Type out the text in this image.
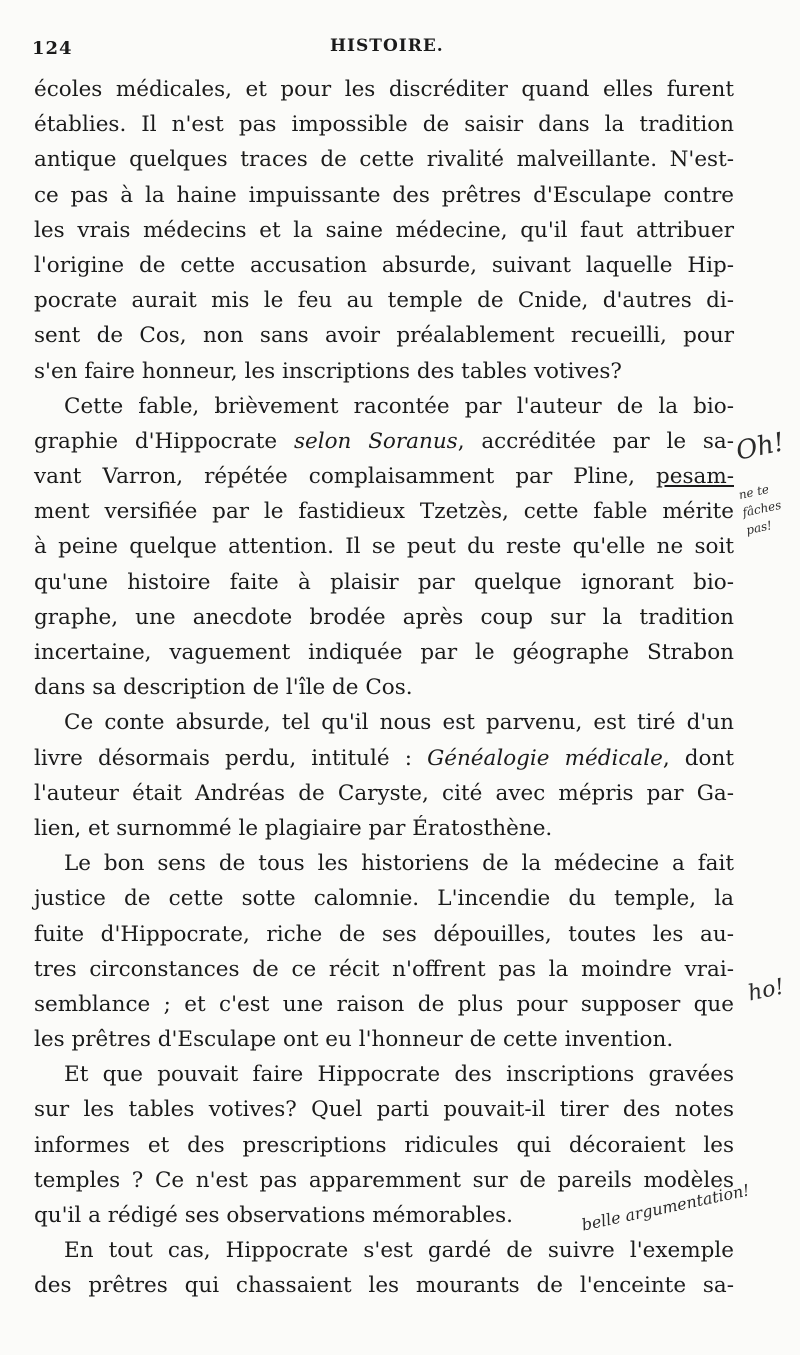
124	HISTOIRE.
écoles médicales, et pour les discréditer quand elles furent
établies. Il n'est pas impossible de saisir dans la tradition
antique quelques traces de cette rivalité malveillante. N'est-
ce pas à la haine impuissante des prêtres d'Esculape contre
les vrais médecins et la saine médecine, qu'il faut attribuer
l'origine de cette accusation absurde, suivant laquelle Hip-
pocrate aurait mis le feu au temple de Cnide, d'autres di-
sent de Cos, non sans avoir préalablement recueilli, pour
s'en faire honneur, les inscriptions des tables votives?
Cette fable, brièvement racontée par l'auteur de la bio-
graphie d'Hippocrate selon Soranus, accréditée par le sa-
vant Varron, répétée complaisamment par Pline, pesam-
ment versifiée par le fastidieux Tzetzès, cette fable mérite
à peine quelque attention. Il se peut du reste qu'elle ne soit
qu'une histoire faite à plaisir par quelque ignorant bio-
graphe, une anecdote brodée après coup sur la tradition
incertaine, vaguement indiquée par le géographe Strabon
dans sa description de l'île de Cos.
Ce conte absurde, tel qu'il nous est parvenu, est tiré d'un
livre désormais perdu, intitulé : Généalogie médicale, dont
l'auteur était Andréas de Caryste, cité avec mépris par Ga-
lien, et surnommé le plagiaire par Ératosthène.
Le bon sens de tous les historiens de la médecine a fait
justice de cette sotte calomnie. L'incendie du temple, la
fuite d'Hippocrate, riche de ses dépouilles, toutes les au-
tres circonstances de ce récit n'offrent pas la moindre vrai-
semblance ; et c'est une raison de plus pour supposer que
les prêtres d'Esculape ont eu l'honneur de cette invention.
Et que pouvait faire Hippocrate des inscriptions gravées
sur les tables votives? Quel parti pouvait-il tirer des notes
informes et des prescriptions ridicules qui décoraient les
temples ? Ce n'est pas apparemment sur de pareils modèles
qu'il a rédigé ses observations mémorables.
En tout cas, Hippocrate s'est gardé de suivre l'exemple
des prêtres qui chassaient les mourants de l'enceinte sa-
Oh!
ne te fâches pas!
ho!
belle argumentation!
